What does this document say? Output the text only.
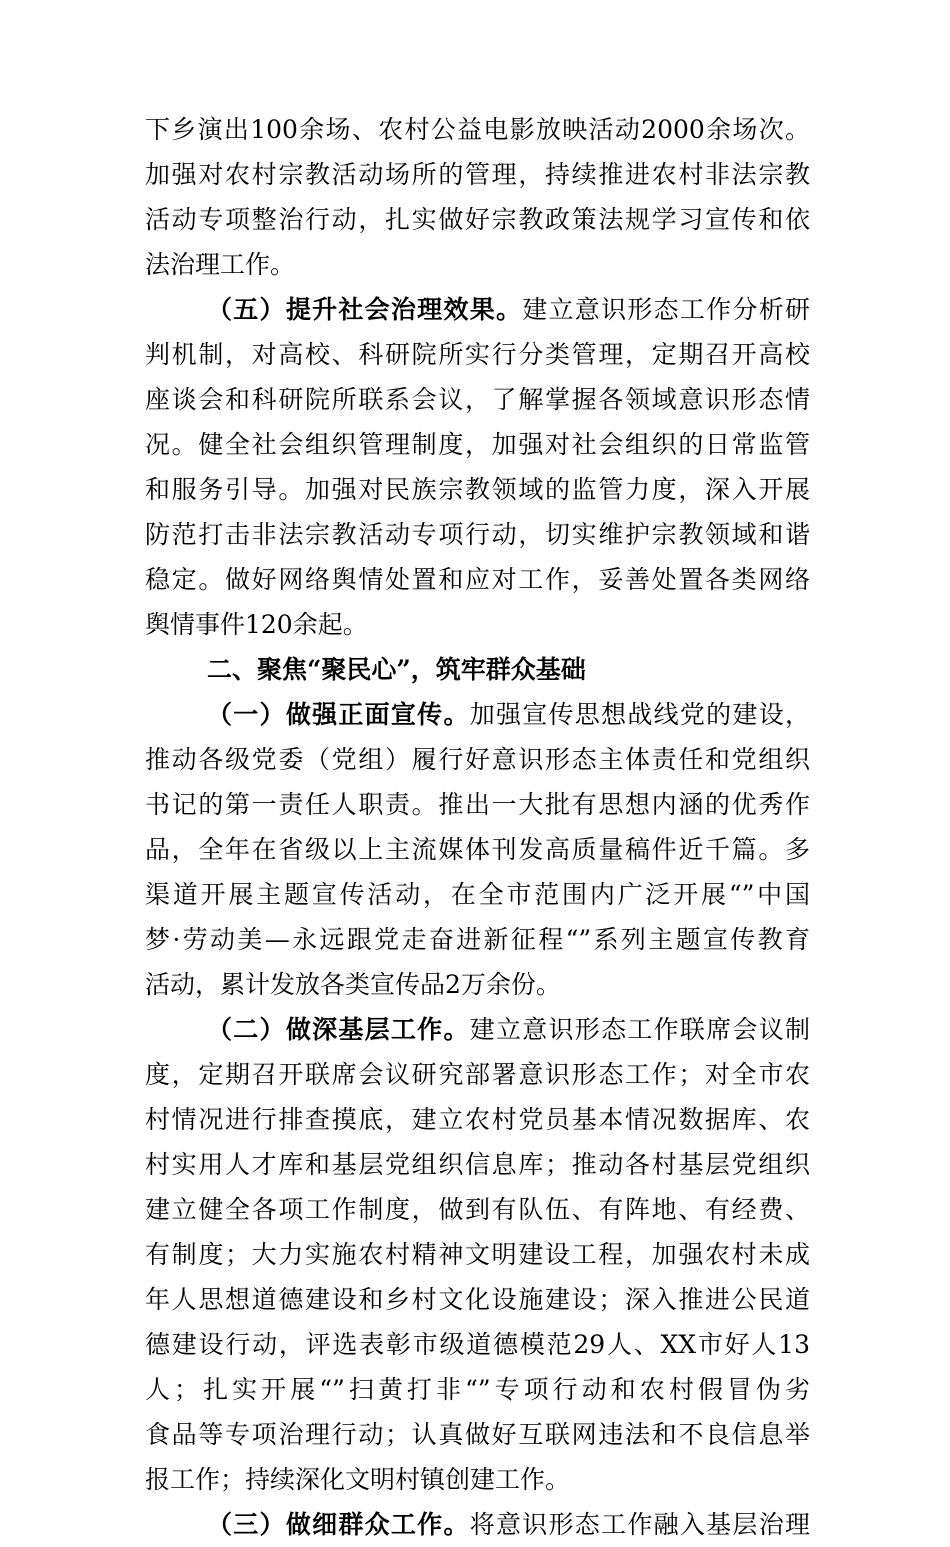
下乡演出100余场、农村公益电影放映活动2000余场次。
加强对农村宗教活动场所的管理，持续推进农村非法宗教
活动专项整治行动，扎实做好宗教政策法规学习宣传和依
法治理工作。
（五）提升社会治理效果。建立意识形态工作分析研
判机制，对高校、科研院所实行分类管理，定期召开高校
座谈会和科研院所联系会议，了解掌握各领域意识形态情
况。健全社会组织管理制度，加强对社会组织的日常监管
和服务引导。加强对民族宗教领域的监管力度，深入开展
防范打击非法宗教活动专项行动，切实维护宗教领域和谐
稳定。做好网络舆情处置和应对工作，妥善处置各类网络
舆情事件120余起。
二、聚焦“聚民心”，筑牢群众基础
（一）做强正面宣传。加强宣传思想战线党的建设，
推动各级党委（党组）履行好意识形态主体责任和党组织
书记的第一责任人职责。推出一大批有思想内涵的优秀作
品，全年在省级以上主流媒体刊发高质量稿件近千篇。多
渠道开展主题宣传活动，在全市范围内广泛开展“”中国
梦·劳动美—永远跟党走奋进新征程“”系列主题宣传教育
活动，累计发放各类宣传品2万余份。
（二）做深基层工作。建立意识形态工作联席会议制
度，定期召开联席会议研究部署意识形态工作；对全市农
村情况进行排查摸底，建立农村党员基本情况数据库、农
村实用人才库和基层党组织信息库；推动各村基层党组织
建立健全各项工作制度，做到有队伍、有阵地、有经费、
有制度；大力实施农村精神文明建设工程，加强农村未成
年人思想道德建设和乡村文化设施建设；深入推进公民道
德建设行动，评选表彰市级道德模范29人、XX市好人13
人；扎实开展“”扫黄打非“”专项行动和农村假冒伪劣
食品等专项治理行动；认真做好互联网违法和不良信息举
报工作；持续深化文明村镇创建工作。
（三）做细群众工作。将意识形态工作融入基层治理
